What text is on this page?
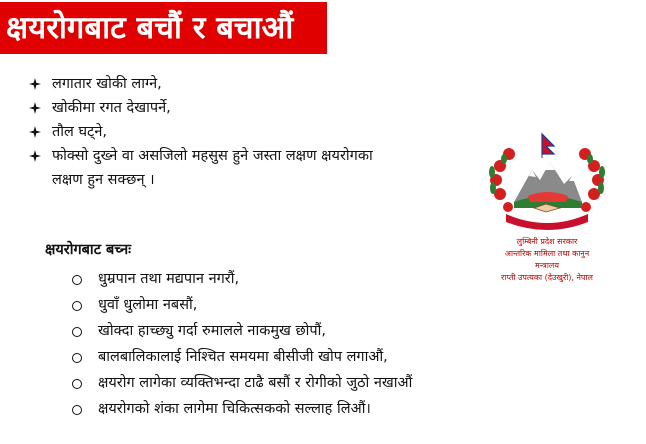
क्षयरोगबाट बचौं र बचाऔं
लगातार खोकी लाग्ने,
खोकीमा रगत देखापर्ने,
तौल घट्ने,
फोक्सो दुख्ने वा असजिलो महसुस हुने जस्ता लक्षण क्षयरोगका
लक्षण हुन सक्छन् ।
क्षयरोगबाट बच्नः
धुम्रपान तथा मद्यपान नगरौं,
धुवाँ धुलोमा नबसौं,
खोक्दा हाच्छ्यु गर्दा रुमालले नाकमुख छोपौं,
बालबालिकालाई निश्चित समयमा बीसीजी खोप लगाऔं,
क्षयरोग लागेका व्यक्तिभन्दा टाढै बसौं र रोगीको जुठो नखाऔं
क्षयरोगको शंका लागेमा चिकित्सकको सल्लाह लिऔं।
लुम्बिनी प्रदेश सरकार
आन्तरिक मामिला तथा कानुन
मन्त्रालय
राप्ती उपत्यका (देउखुरी), नेपाल
